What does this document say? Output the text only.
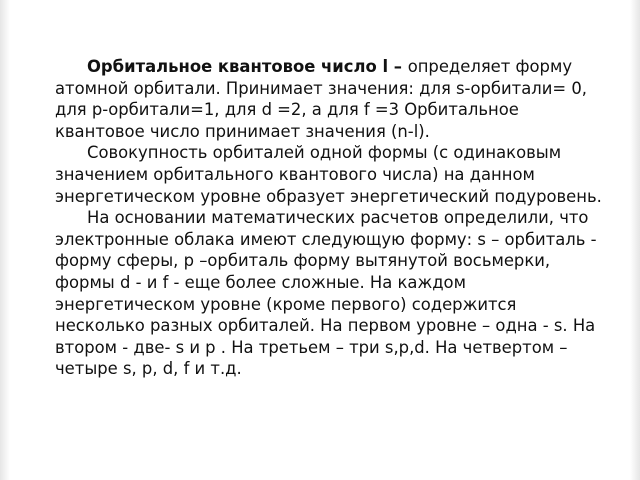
Орбитальное квантовое число l – определяет форму атомной орбитали. Принимает значения: для s-орбитали= 0, для p-орбитали=1, для d =2, а для f =3 Орбитальное квантовое число принимает значения (n-l).

Совокупность орбиталей одной формы (с одинаковым значением орбитального квантового числа) на данном энергетическом уровне образует энергетический подуровень.

На основании математических расчетов определили, что электронные облака имеют следующую форму: s – орбиталь - форму сферы, p –орбиталь форму вытянутой восьмерки, формы d - и f - еще более сложные. На каждом энергетическом уровне (кроме первого) содержится несколько разных орбиталей. На первом уровне – одна - s. На втором - две- s и p . На третьем – три s,p,d. На четвертом – четыре s, p, d, f и т.д.
